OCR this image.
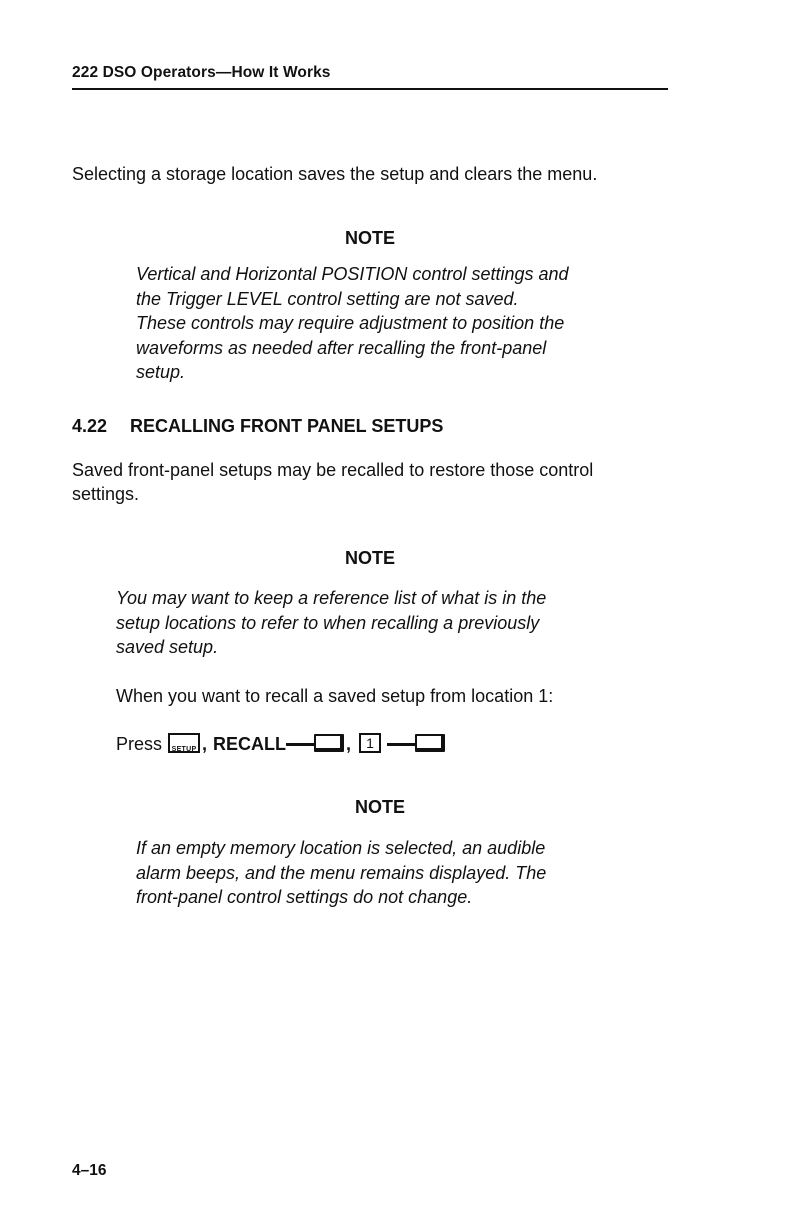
222 DSO Operators—How It Works

Selecting a storage location saves the setup and clears the menu.

NOTE

Vertical and Horizontal POSITION control settings and
the Trigger LEVEL control setting are not saved.
These controls may require adjustment to position the
waveforms as needed after recalling the front-panel
setup.
4.22 RECALLING FRONT PANEL SETUPS
Saved front-panel setups may be recalled to restore those control
settings.

NOTE

You may want to keep a reference list of what is in the
setup locations to refer to when recalling a previously
saved setup.

When you want to recall a saved setup from location 1:

Press	SETUP , RECALL	,	1

NOTE

If an empty memory location is selected, an audible
alarm beeps, and the menu remains displayed. The
front-panel control settings do not change.
4–16
